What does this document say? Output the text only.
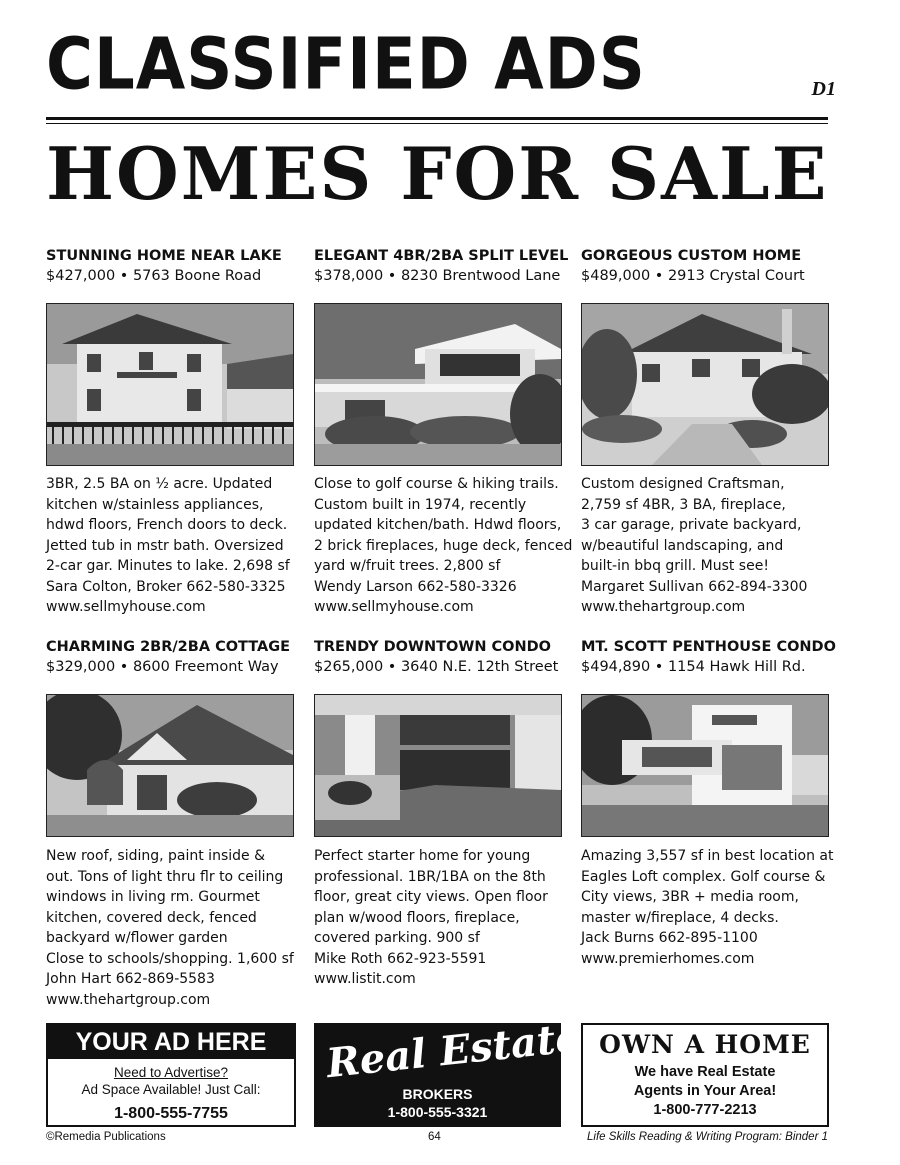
CLASSIFIED ADS	D1
HOMES FOR SALE
STUNNING HOME NEAR LAKE
$427,000 • 5763 Boone Road
3BR, 2.5 BA on ½ acre. Updated
kitchen w/stainless appliances,
hdwd floors, French doors to deck.
Jetted tub in mstr bath. Oversized
2-car gar. Minutes to lake. 2,698 sf
Sara Colton, Broker 662-580-3325
www.sellmyhouse.com
ELEGANT 4BR/2BA SPLIT LEVEL
$378,000 • 8230 Brentwood Lane
Close to golf course & hiking trails.
Custom built in 1974, recently
updated kitchen/bath. Hdwd floors,
2 brick fireplaces, huge deck, fenced
yard w/fruit trees. 2,800 sf
Wendy Larson 662-580-3326
www.sellmyhouse.com
GORGEOUS CUSTOM HOME
$489,000 • 2913 Crystal Court
Custom designed Craftsman,
2,759 sf 4BR, 3 BA, fireplace,
3 car garage, private backyard,
w/beautiful landscaping, and
built-in bbq grill. Must see!
Margaret Sullivan 662-894-3300
www.thehartgroup.com
CHARMING 2BR/2BA COTTAGE
$329,000 • 8600 Freemont Way
New roof, siding, paint inside &
out. Tons of light thru flr to ceiling
windows in living rm. Gourmet
kitchen, covered deck, fenced
backyard w/flower garden
Close to schools/shopping. 1,600 sf
John Hart 662-869-5583
www.thehartgroup.com
TRENDY DOWNTOWN CONDO
$265,000 • 3640 N.E. 12th Street
Perfect starter home for young
professional. 1BR/1BA on the 8th
floor, great city views. Open floor
plan w/wood floors, fireplace,
covered parking. 900 sf
Mike Roth 662-923-5591
www.listit.com
MT. SCOTT PENTHOUSE CONDO
$494,890 • 1154 Hawk Hill Rd.
Amazing 3,557 sf in best location at
Eagles Loft complex. Golf course &
City views, 3BR + media room,
master w/fireplace, 4 decks.
Jack Burns 662-895-1100
www.premierhomes.com
YOUR AD HERE
Need to Advertise?
Ad Space Available! Just Call:
1-800-555-7755
Real Estate
BROKERS
1-800-555-3321
OWN A HOME
We have Real Estate
Agents in Your Area!
1-800-777-2213
©Remedia Publications	64	Life Skills Reading & Writing Program: Binder 1
